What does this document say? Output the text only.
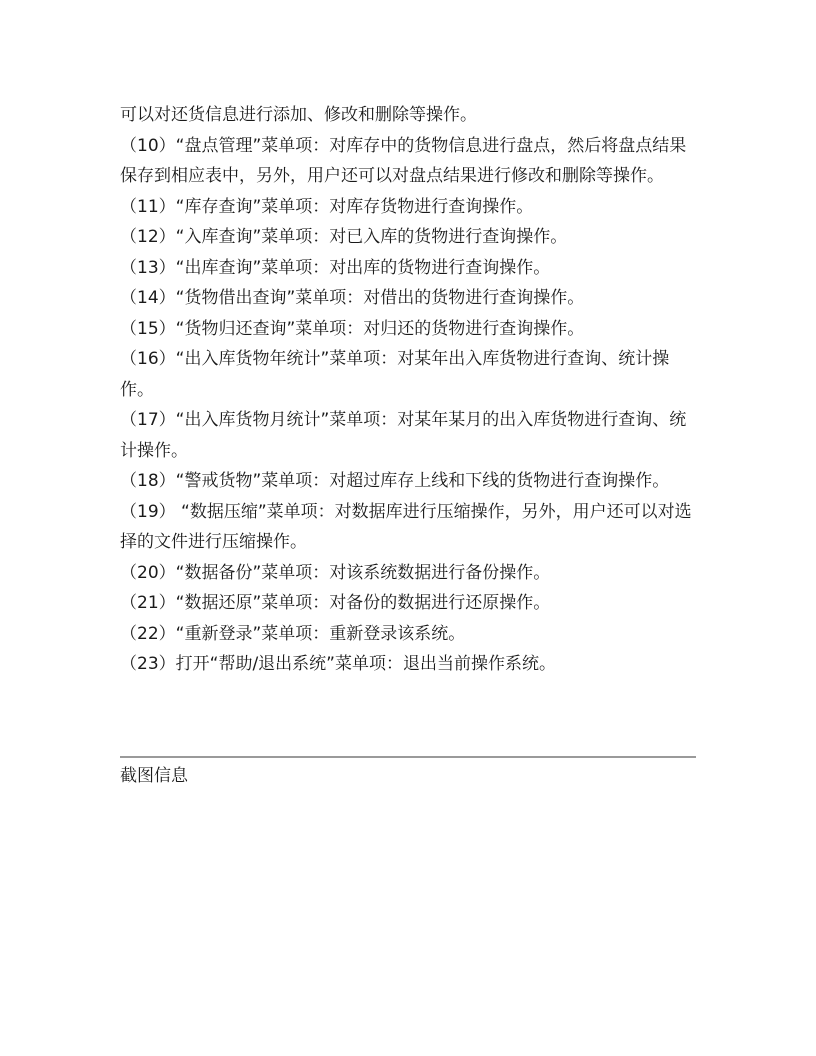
可以对还货信息进行添加、修改和删除等操作。

（10）“盘点管理”菜单项：对库存中的货物信息进行盘点，然后将盘点结果保存到相应表中，另外，用户还可以对盘点结果进行修改和删除等操作。

（11）“库存查询”菜单项：对库存货物进行查询操作。

（12）“入库查询”菜单项：对已入库的货物进行查询操作。

（13）“出库查询”菜单项：对出库的货物进行查询操作。

（14）“货物借出查询”菜单项：对借出的货物进行查询操作。

（15）“货物归还查询”菜单项：对归还的货物进行查询操作。

（16）“出入库货物年统计”菜单项：对某年出入库货物进行查询、统计操作。

（17）“出入库货物月统计”菜单项：对某年某月的出入库货物进行查询、统计操作。

（18）“警戒货物”菜单项：对超过库存上线和下线的货物进行查询操作。

（19） “数据压缩”菜单项：对数据库进行压缩操作，另外，用户还可以对选择的文件进行压缩操作。

（20）“数据备份”菜单项：对该系统数据进行备份操作。

（21）“数据还原”菜单项：对备份的数据进行还原操作。

（22）“重新登录”菜单项：重新登录该系统。

（23）打开“帮助/退出系统”菜单项：退出当前操作系统。

截图信息
